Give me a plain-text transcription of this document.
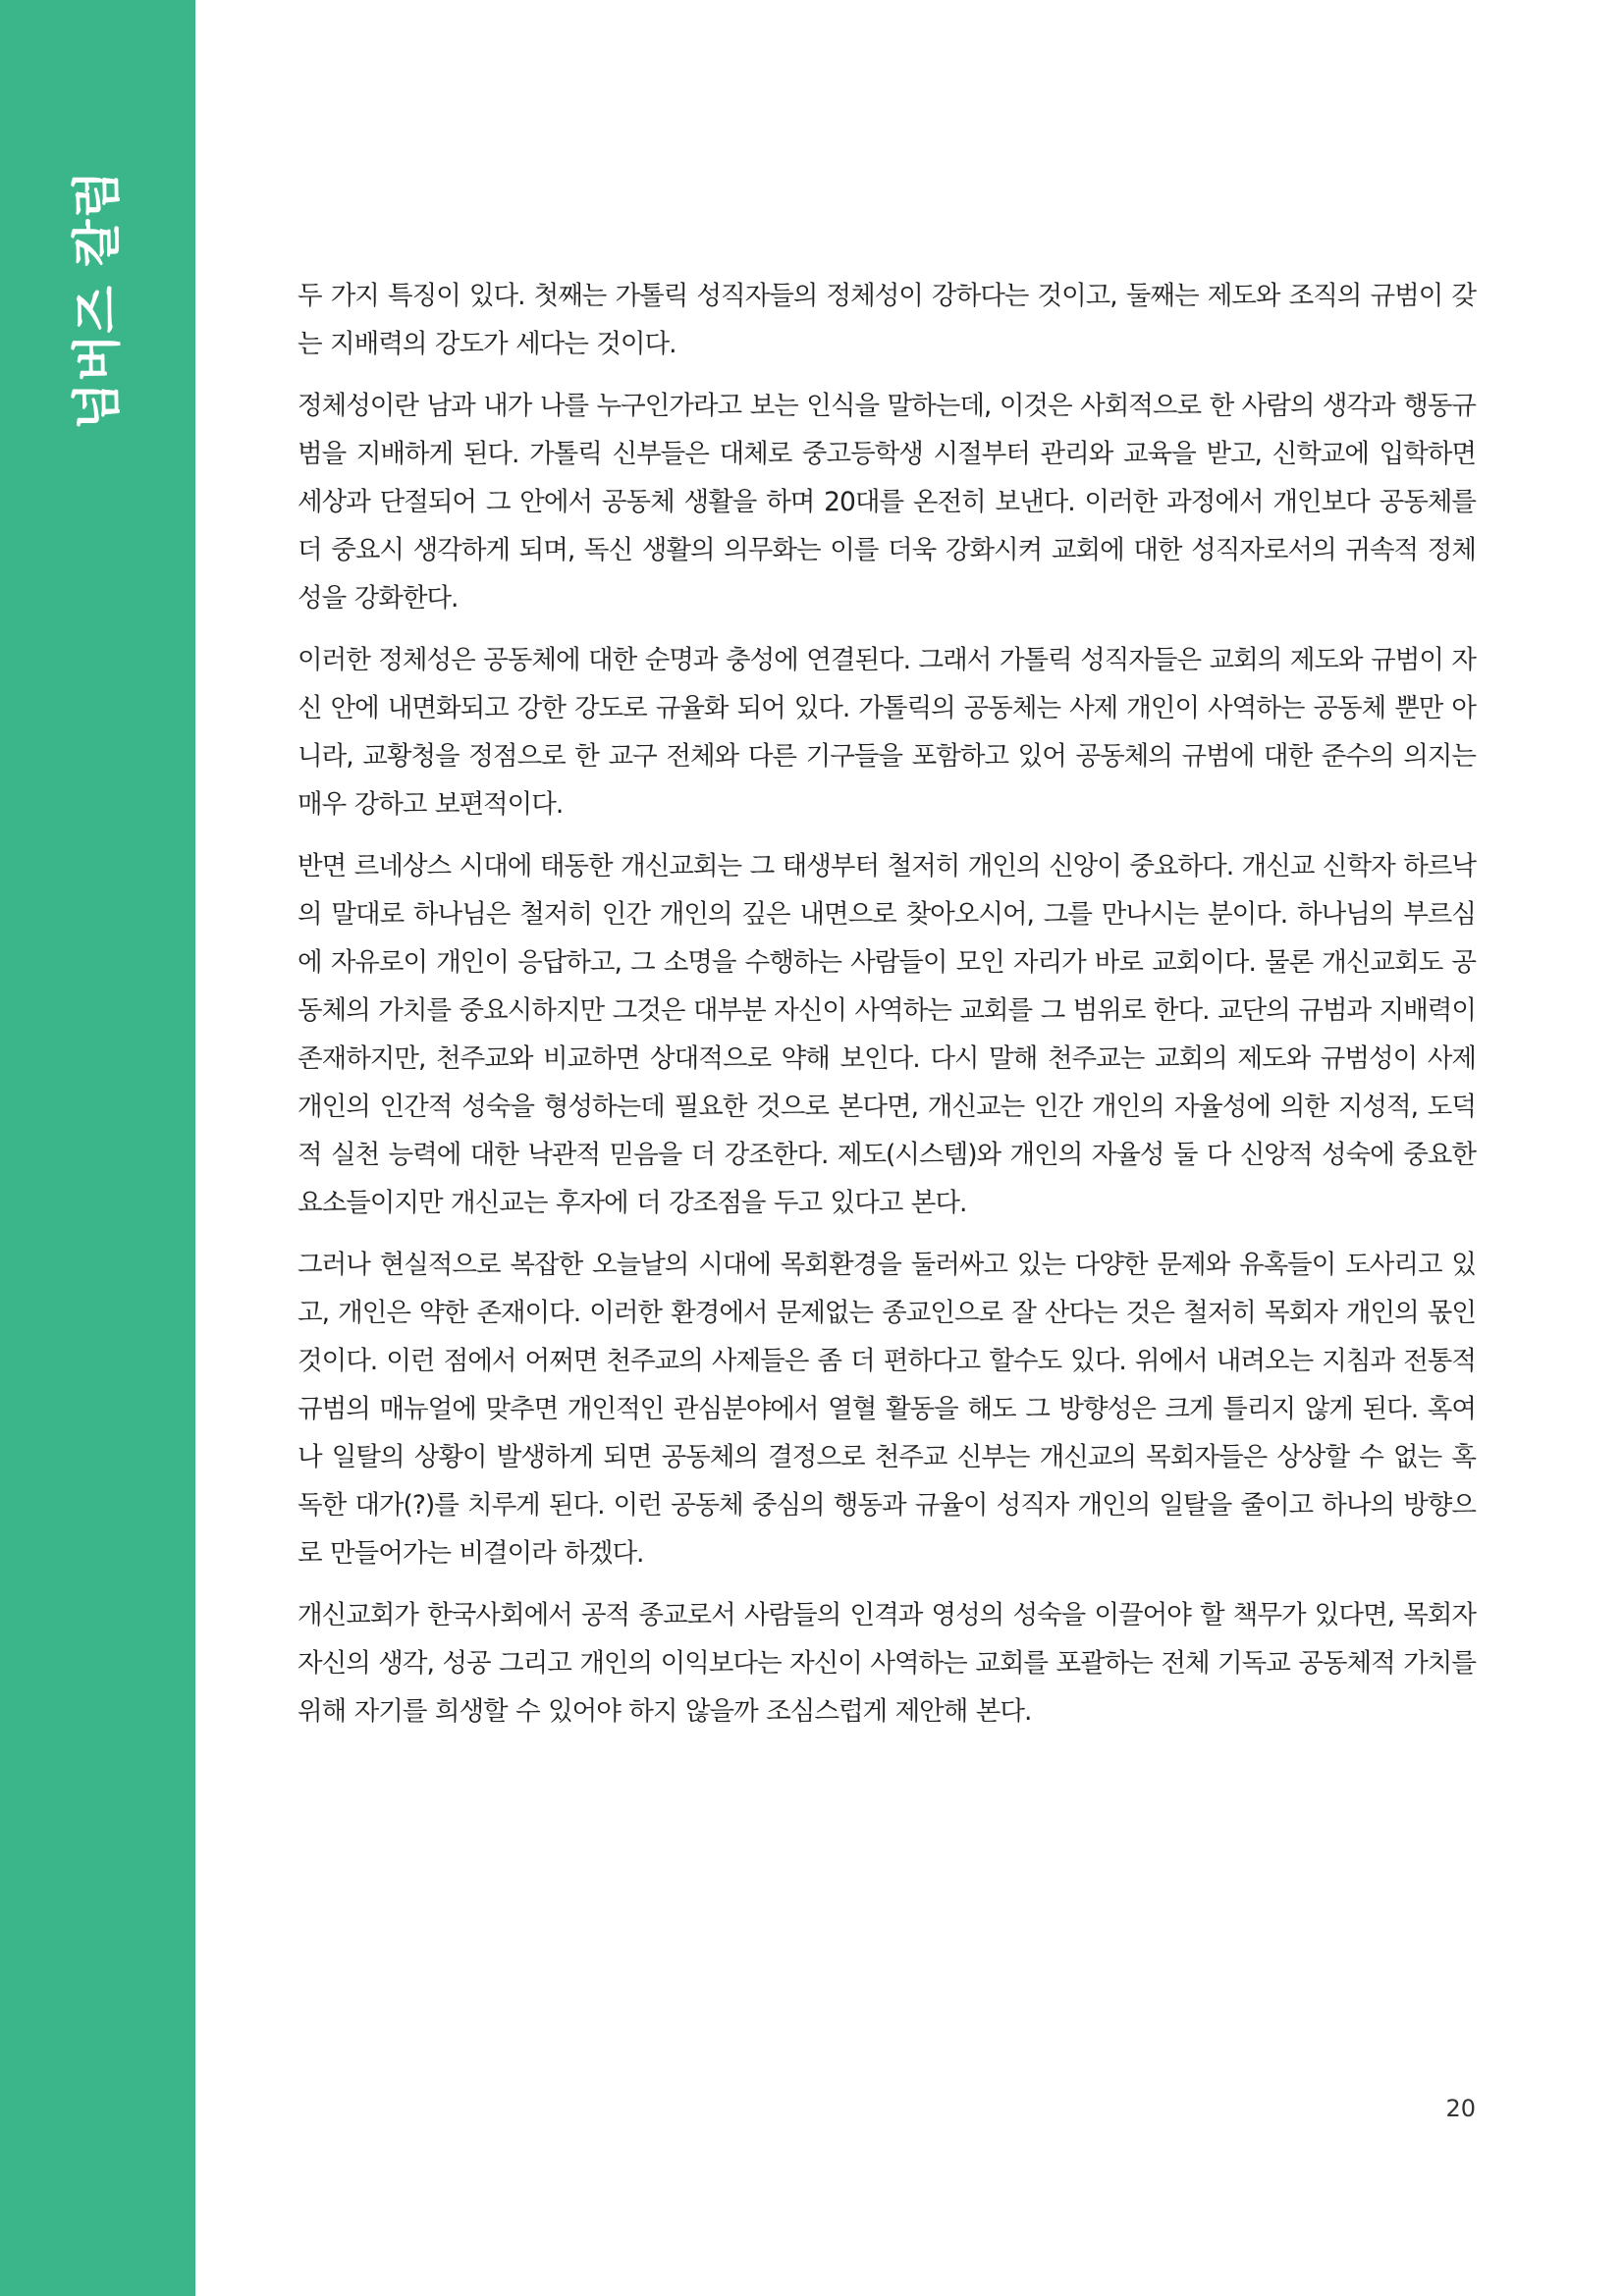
넘버즈 칼럼	두 가지 특징이 있다. 첫째는 가톨릭 성직자들의 정체성이 강하다는 것이고, 둘째는 제도와 조직의 규범이 갖는 지배력의 강도가 세다는 것이다.

정체성이란 남과 내가 나를 누구인가라고 보는 인식을 말하는데, 이것은 사회적으로 한 사람의 생각과 행동규범을 지배하게 된다. 가톨릭 신부들은 대체로 중고등학생 시절부터 관리와 교육을 받고, 신학교에 입학하면 세상과 단절되어 그 안에서 공동체 생활을 하며 20대를 온전히 보낸다. 이러한 과정에서 개인보다 공동체를 더 중요시 생각하게 되며, 독신 생활의 의무화는 이를 더욱 강화시켜 교회에 대한 성직자로서의 귀속적 정체성을 강화한다.

이러한 정체성은 공동체에 대한 순명과 충성에 연결된다. 그래서 가톨릭 성직자들은 교회의 제도와 규범이 자신 안에 내면화되고 강한 강도로 규율화 되어 있다. 가톨릭의 공동체는 사제 개인이 사역하는 공동체 뿐만 아니라, 교황청을 정점으로 한 교구 전체와 다른 기구들을 포함하고 있어 공동체의 규범에 대한 준수의 의지는 매우 강하고 보편적이다.

반면 르네상스 시대에 태동한 개신교회는 그 태생부터 철저히 개인의 신앙이 중요하다. 개신교 신학자 하르낙의 말대로 하나님은 철저히 인간 개인의 깊은 내면으로 찾아오시어, 그를 만나시는 분이다. 하나님의 부르심에 자유로이 개인이 응답하고, 그 소명을 수행하는 사람들이 모인 자리가 바로 교회이다. 물론 개신교회도 공동체의 가치를 중요시하지만 그것은 대부분 자신이 사역하는 교회를 그 범위로 한다. 교단의 규범과 지배력이 존재하지만, 천주교와 비교하면 상대적으로 약해 보인다. 다시 말해 천주교는 교회의 제도와 규범성이 사제 개인의 인간적 성숙을 형성하는데 필요한 것으로 본다면, 개신교는 인간 개인의 자율성에 의한 지성적, 도덕적 실천 능력에 대한 낙관적 믿음을 더 강조한다. 제도(시스템)와 개인의 자율성 둘 다 신앙적 성숙에 중요한 요소들이지만 개신교는 후자에 더 강조점을 두고 있다고 본다.

그러나 현실적으로 복잡한 오늘날의 시대에 목회환경을 둘러싸고 있는 다양한 문제와 유혹들이 도사리고 있고, 개인은 약한 존재이다. 이러한 환경에서 문제없는 종교인으로 잘 산다는 것은 철저히 목회자 개인의 몫인 것이다. 이런 점에서 어쩌면 천주교의 사제들은 좀 더 편하다고 할수도 있다. 위에서 내려오는 지침과 전통적 규범의 매뉴얼에 맞추면 개인적인 관심분야에서 열혈 활동을 해도 그 방향성은 크게 틀리지 않게 된다. 혹여나 일탈의 상황이 발생하게 되면 공동체의 결정으로 천주교 신부는 개신교의 목회자들은 상상할 수 없는 혹독한 대가(?)를 치루게 된다. 이런 공동체 중심의 행동과 규율이 성직자 개인의 일탈을 줄이고 하나의 방향으로 만들어가는 비결이라 하겠다.

개신교회가 한국사회에서 공적 종교로서 사람들의 인격과 영성의 성숙을 이끌어야 할 책무가 있다면, 목회자 자신의 생각, 성공 그리고 개인의 이익보다는 자신이 사역하는 교회를 포괄하는 전체 기독교 공동체적 가치를 위해 자기를 희생할 수 있어야 하지 않을까 조심스럽게 제안해 본다.

20
